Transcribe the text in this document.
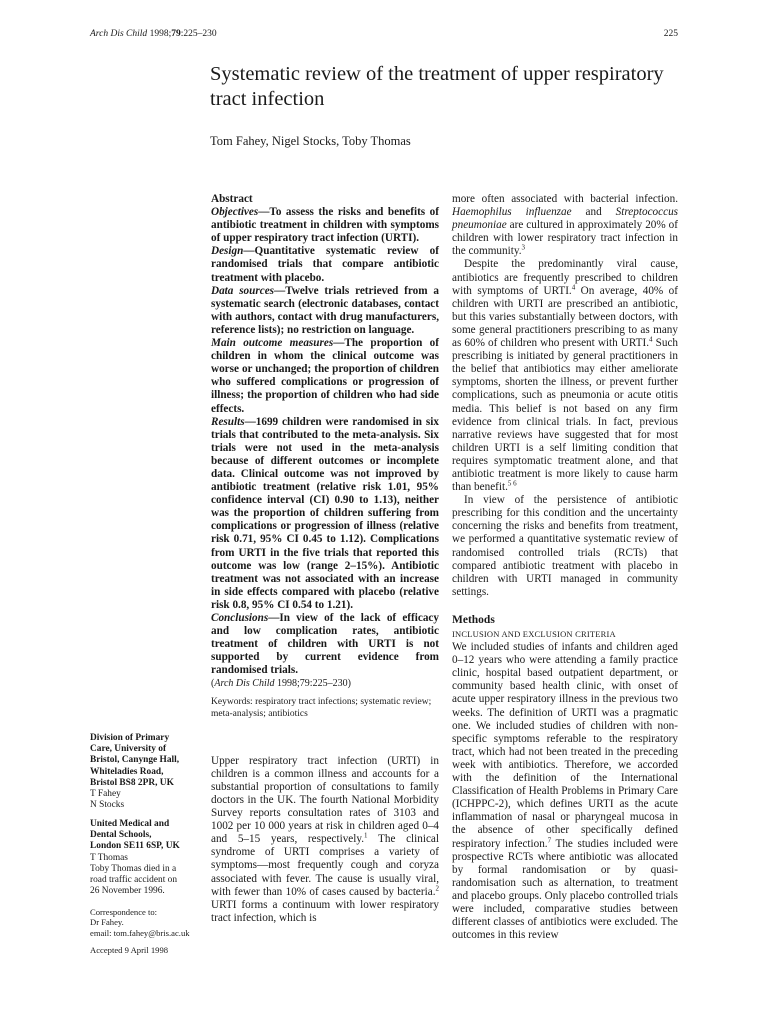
Arch Dis Child 1998;79:225–230	225
Systematic review of the treatment of upper respiratory tract infection
Tom Fahey, Nigel Stocks, Toby Thomas
Abstract

Objectives—To assess the risks and benefits of antibiotic treatment in children with symptoms of upper respiratory tract infection (URTI).

Design—Quantitative systematic review of randomised trials that compare antibiotic treatment with placebo.

Data sources—Twelve trials retrieved from a systematic search (electronic databases, contact with authors, contact with drug manufacturers, reference lists); no restriction on language.

Main outcome measures—The proportion of children in whom the clinical outcome was worse or unchanged; the proportion of children who suffered complications or progression of illness; the proportion of children who had side effects.

Results—1699 children were randomised in six trials that contributed to the meta-analysis. Six trials were not used in the meta-analysis because of different outcomes or incomplete data. Clinical outcome was not improved by antibiotic treatment (relative risk 1.01, 95% confidence interval (CI) 0.90 to 1.13), neither was the proportion of children suffering from complications or progression of illness (relative risk 0.71, 95% CI 0.45 to 1.12). Complications from URTI in the five trials that reported this outcome was low (range 2–15%). Antibiotic treatment was not associated with an increase in side effects compared with placebo (relative risk 0.8, 95% CI 0.54 to 1.21).

Conclusions—In view of the lack of efficacy and low complication rates, antibiotic treatment of children with URTI is not supported by current evidence from randomised trials.

(Arch Dis Child 1998;79:225–230)
Keywords: respiratory tract infections; systematic review; meta-analysis; antibiotics

Upper respiratory tract infection (URTI) in children is a common illness and accounts for a substantial proportion of consultations to family doctors in the UK. The fourth National Morbidity Survey reports consultation rates of 3103 and 1002 per 10 000 years at risk in children aged 0–4 and 5–15 years, respectively.$^1$ The clinical syndrome of URTI comprises a variety of symptoms—most frequently cough and coryza associated with fever. The cause is usually viral, with fewer than 10% of cases caused by bacteria.$^2$ URTI forms a continuum with lower respiratory tract infection, which is

more often associated with bacterial infection. Haemophilus influenzae and Streptococcus pneumoniae are cultured in approximately 20% of children with lower respiratory tract infection in the community.$^3$

Despite the predominantly viral cause, antibiotics are frequently prescribed to children with symptoms of URTI.$^4$ On average, 40% of children with URTI are prescribed an antibiotic, but this varies substantially between doctors, with some general practitioners prescribing to as many as 60% of children who present with URTI.$^4$ Such prescribing is initiated by general practitioners in the belief that antibiotics may either ameliorate symptoms, shorten the illness, or prevent further complications, such as pneumonia or acute otitis media. This belief is not based on any firm evidence from clinical trials. In fact, previous narrative reviews have suggested that for most children URTI is a self limiting condition that requires symptomatic treatment alone, and that antibiotic treatment is more likely to cause harm than benefit.$^{5 6}$

In view of the persistence of antibiotic prescribing for this condition and the uncertainty concerning the risks and benefits from treatment, we performed a quantitative systematic review of randomised controlled trials (RCTs) that compared antibiotic treatment with placebo in children with URTI managed in community settings.

Methods
INCLUSION AND EXCLUSION CRITERIA

We included studies of infants and children aged 0–12 years who were attending a family practice clinic, hospital based outpatient department, or community based health clinic, with onset of acute upper respiratory illness in the previous two weeks. The definition of URTI was a pragmatic one. We included studies of children with non-specific symptoms referable to the respiratory tract, which had not been treated in the preceding week with antibiotics. Therefore, we accorded with the definition of the International Classification of Health Problems in Primary Care (ICHPPC-2), which defines URTI as the acute inflammation of nasal or pharyngeal mucosa in the absence of other specifically defined respiratory infection.$^7$ The studies included were prospective RCTs where antibiotic was allocated by formal randomisation or by quasi-randomisation such as alternation, to treatment and placebo groups. Only placebo controlled trials were included, comparative studies between different classes of antibiotics were excluded. The outcomes in this review

Division of Primary

Care, University of

Bristol, Canynge Hall,

Whiteladies Road,

Bristol BS8 2PR, UK

T Fahey

N Stocks

United Medical and

Dental Schools,

London SE11 6SP, UK

T Thomas

Toby Thomas died in a

road traffic accident on

26 November 1996.

Correspondence to:

Dr Fahey.

email: tom.fahey@bris.ac.uk

Accepted 9 April 1998
